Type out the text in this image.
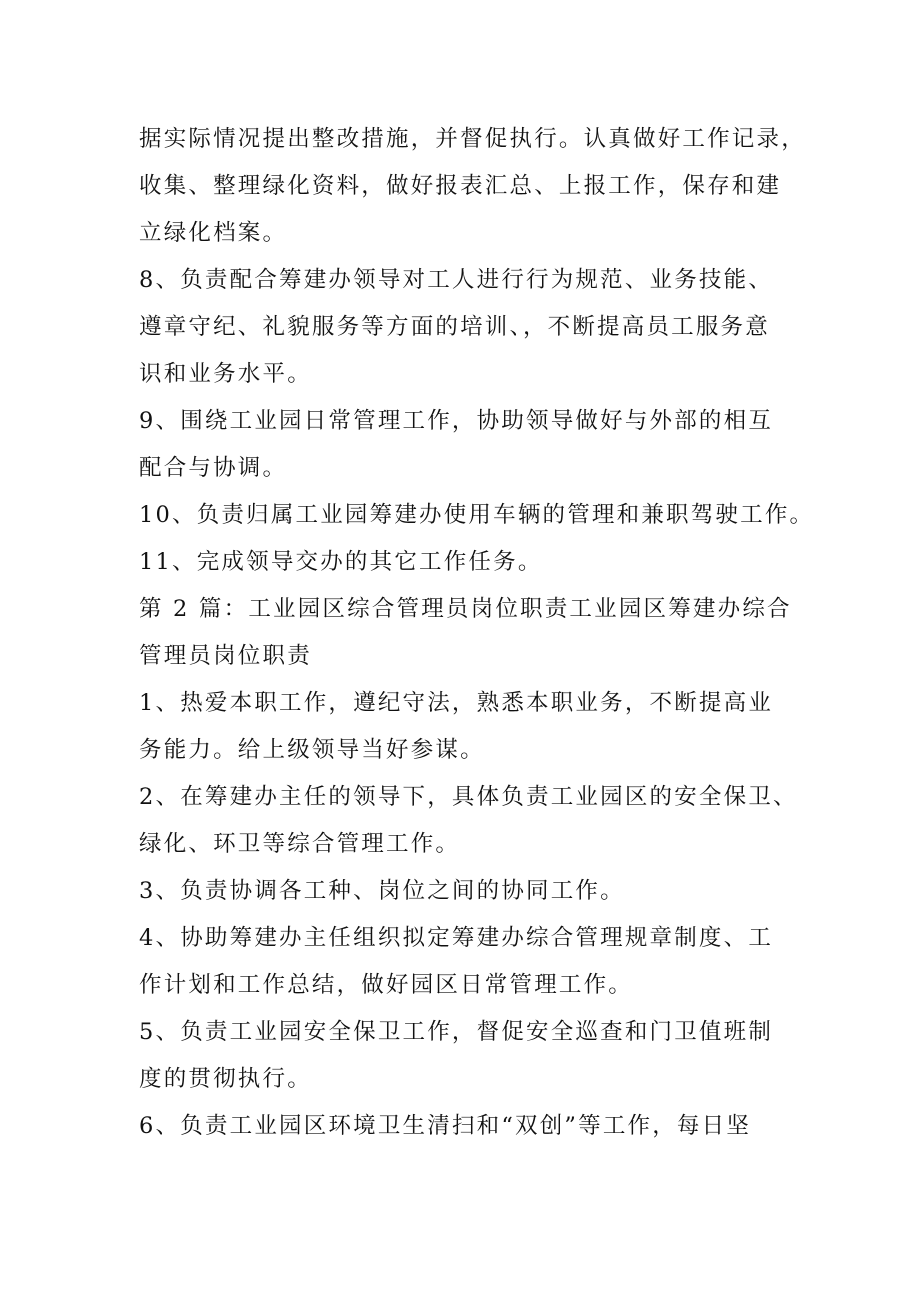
据实际情况提出整改措施，并督促执行。认真做好工作记录，
收集、整理绿化资料，做好报表汇总、上报工作，保存和建
立绿化档案。
8、负责配合筹建办领导对工人进行行为规范、业务技能、
遵章守纪、礼貌服务等方面的培训、，不断提高员工服务意
识和业务水平。
9、围绕工业园日常管理工作，协助领导做好与外部的相互
配合与协调。
10、负责归属工业园筹建办使用车辆的管理和兼职驾驶工作。
11、完成领导交办的其它工作任务。
第 2 篇：工业园区综合管理员岗位职责工业园区筹建办综合
管理员岗位职责
1、热爱本职工作，遵纪守法，熟悉本职业务，不断提高业
务能力。给上级领导当好参谋。
2、在筹建办主任的领导下，具体负责工业园区的安全保卫、
绿化、环卫等综合管理工作。
3、负责协调各工种、岗位之间的协同工作。
4、协助筹建办主任组织拟定筹建办综合管理规章制度、工
作计划和工作总结，做好园区日常管理工作。
5、负责工业园安全保卫工作，督促安全巡查和门卫值班制
度的贯彻执行。
6、负责工业园区环境卫生清扫和“双创”等工作，每日坚
